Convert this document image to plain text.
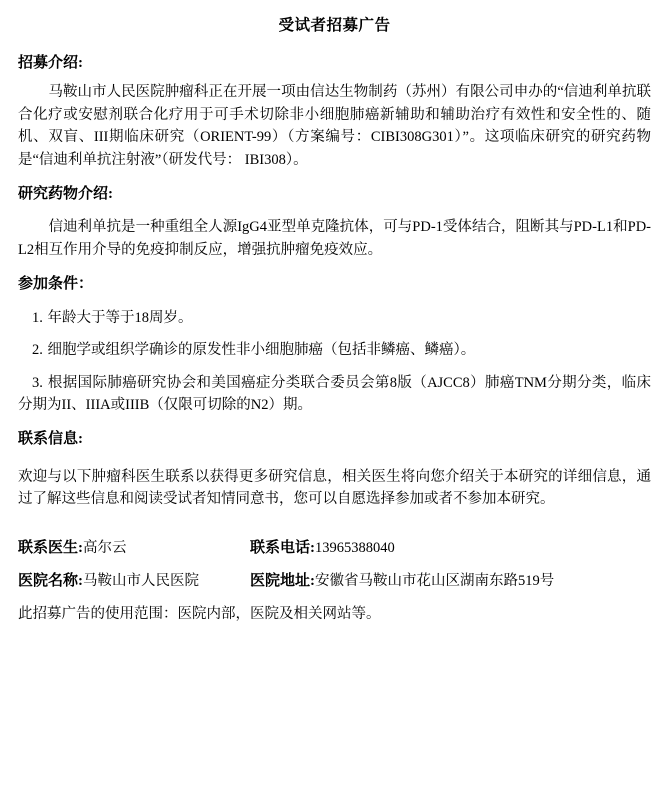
受试者招募广告
招募介绍:
马鞍山市人民医院肿瘤科正在开展一项由信达生物制药（苏州）有限公司申办的“信迪利单抗联合化疗或安慰剂联合化疗用于可手术切除非小细胞肺癌新辅助和辅助治疗有效性和安全性的、随机、双盲、III期临床研究（ORIENT-99）（方案编号：CIBI308G301）”。这项临床研究的研究药物是“信迪利单抗注射液”（研发代号： IBI308）。
研究药物介绍:
信迪利单抗是一种重组全人源IgG4亚型单克隆抗体，可与PD-1受体结合，阻断其与PD-L1和PD-L2相互作用介导的免疫抑制反应，增强抗肿瘤免疫效应。
参加条件：
1. 年龄大于等于18周岁。
2. 细胞学或组织学确诊的原发性非小细胞肺癌（包括非鳞癌、鳞癌）。
3. 根据国际肺癌研究协会和美国癌症分类联合委员会第8版（AJCC8）肺癌TNM分期分类，临床分期为II、IIIA或IIIB（仅限可切除的N2）期。
联系信息:
欢迎与以下肿瘤科医生联系以获得更多研究信息，相关医生将向您介绍关于本研究的详细信息，通过了解这些信息和阅读受试者知情同意书，您可以自愿选择参加或者不参加本研究。
联系医生: 高尔云	联系电话: 13965388040
医院名称: 马鞍山市人民医院	医院地址: 安徽省马鞍山市花山区湖南东路519号
此招募广告的使用范围：医院内部，医院及相关网站等。
